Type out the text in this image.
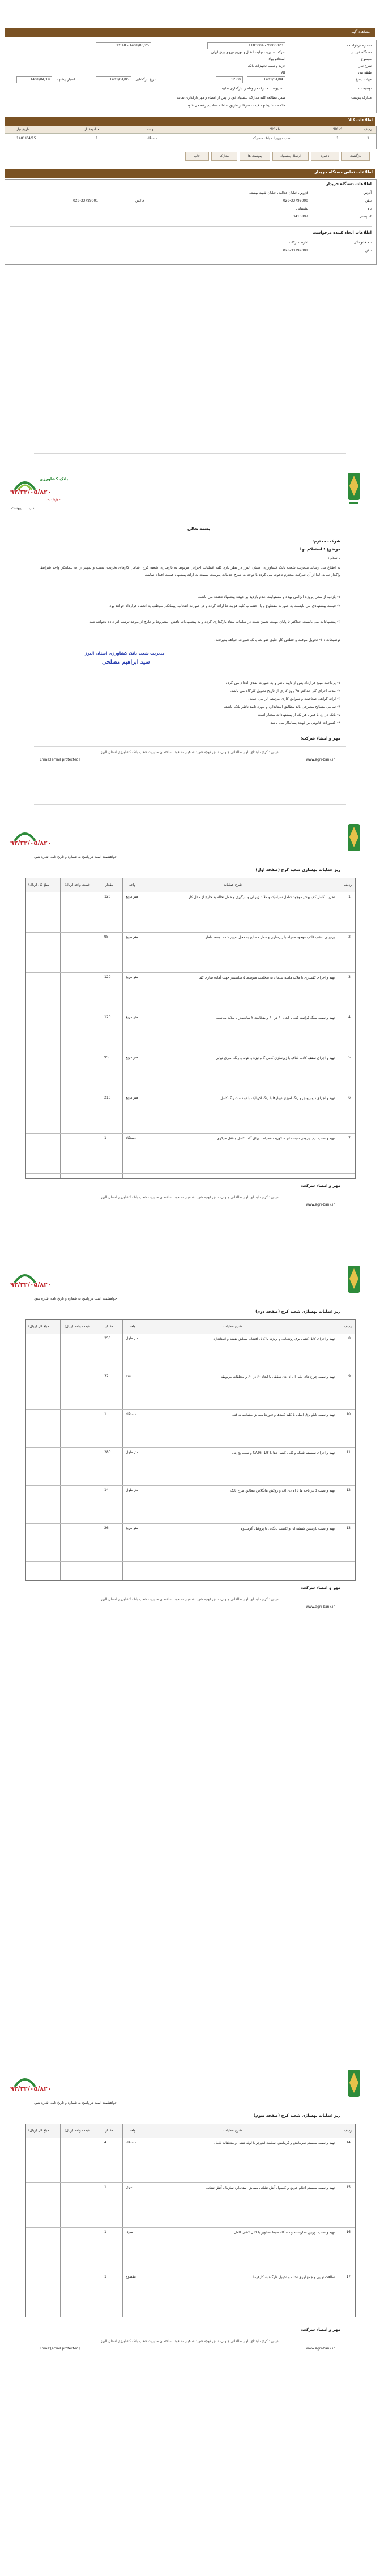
مشاهده آگهی
شماره درخواست
1103004570000023
1401/03/25 - 12:40
دستگاه خریدار
شرکت مدیریت تولید، انتقال و توزیع نیروی برق ایران
موضوع
استعلام بهاء
شرح نیاز
خرید و نصب تجهیزات بانک
طبقه بندی
کالا
مهلت پاسخ
1401/04/04
12:00
تاریخ بازگشایی
1401/04/05
اعتبار پیشنهاد
1401/04/19
توضیحات
به پیوست مدارک مربوطه را بارگذاری نمایید
مدارک پیوست
ضمن مطالعه کلیه مدارک، پیشنهاد خود را پس از امضاء و مهر بارگذاری نمایید
ملاحظات: پیشنهاد قیمت صرفا از طریق سامانه ستاد پذیرفته می شود
اطلاعات کالا
ردیف
کد کالا
نام کالا
واحد
تعداد/مقدار
تاریخ نیاز
1
1
نصب تجهیزات بانک متحرک
دستگاه
1
1401/04/15
بازگشت
ذخیره
ارسال پیشنهاد
پیوست ها
مدارک
چاپ
اطلاعات تماس دستگاه خریدار
اطلاعات دستگاه خریدار
آدرس
قزوین، خیابان عدالت، خیابان شهید بهشتی
تلفن
028-33799000
فاکس
028-33799001
نام
پشتیبانی
کد پستی
3413897
اطلاعات ایجاد کننده درخواست
نام خانوادگی
اداره تدارکات
تلفن
028-33799001
بانک کشاورزی
۹۲/۳۲/۰۵/۸۲۰
۱۴۰۱/۳/۲۴
پیوست ندارد
بسمه تعالی
شرکت محترم:
موضوع : استعلام بها
با سلام ؛
به اطلاع می رساند مدیریت شعب بانک کشاورزی استان البرز در نظر دارد کلیه عملیات اجرایی مربوط به بازسازی شعبه کرج، شامل کارهای تخریب، نصب و تجهیز را به پیمانکار واجد شرایط واگذار نماید. لذا از آن شرکت محترم دعوت می گردد با توجه به شرح خدمات پیوست نسبت به ارائه پیشنهاد قیمت اقدام نمایند.
۱- بازدید از محل پروژه الزامی بوده و مسئولیت عدم بازدید بر عهده پیشنهاد دهنده می باشد.
۲- قیمت پیشنهادی می بایست به صورت مقطوع و با احتساب کلیه هزینه ها ارائه گردد و در صورت انتخاب، پیمانکار موظف به انعقاد قرارداد خواهد بود.
۳- پیشنهادات می بایست حداکثر تا پایان مهلت تعیین شده در سامانه ستاد بارگذاری گردد و به پیشنهادات ناقص، مشروط و خارج از موعد ترتیب اثر داده نخواهد شد.
توضیحات : ۱- تحویل موقت و قطعی کار طبق ضوابط بانک صورت خواهد پذیرفت.
مدیریت شعب بانک کشاورزی استان البرز
سید ابراهیم مصلحی
۱- پرداخت مبلغ قرارداد پس از تایید ناظر و به صورت نقدی انجام می گردد.
۲- مدت اجرای کار حداکثر ۴۵ روز کاری از تاریخ تحویل کارگاه می باشد.
۳- ارائه گواهی صلاحیت و سوابق کاری مرتبط الزامی است.
۴- تمامی مصالح مصرفی باید مطابق استاندارد و مورد تایید ناظر بانک باشد.
۵- بانک در رد یا قبول هر یک از پیشنهادات مختار است.
۶- کسورات قانونی بر عهده پیمانکار می باشد.
مهر و امضاء شرکت:
آدرس : کرج - ابتدای بلوار طالقانی جنوبی، نبش کوچه شهید شاهین مسعود، ساختمان مدیریت شعب بانک کشاورزی استان البرز
www.agri-bank.ir
Email:[email protected]
۹۲/۳۲/۰۵/۸۲۰
خواهشمند است در پاسخ به شماره و تاریخ نامه اشاره شود
ریز عملیات بهسازی شعبه کرج (صفحه اول)
ردیف
شرح عملیات
واحد
مقدار
قیمت واحد (ریال)
مبلغ کل (ریال)
1
تخریب کامل کف پوش موجود شامل سرامیک و ملات زیر آن و بارگیری و حمل نخاله به خارج از محل کار
متر مربع
120
2
برچیدن سقف کاذب موجود همراه با زیرسازی و حمل مصالح به محل تعیین شده توسط ناظر
متر مربع
95
3
تهیه و اجرای کفسازی با ملات ماسه سیمان به ضخامت متوسط ۵ سانتیمتر جهت آماده سازی کف
متر مربع
120
4
تهیه و نصب سنگ گرانیت کف با ابعاد ۶۰ در ۶۰ و ضخامت ۲ سانتیمتر با ملات مناسب
متر مربع
120
5
تهیه و اجرای سقف کاذب کناف با زیرسازی کامل گالوانیزه و بتونه و رنگ آمیزی نهایی
متر مربع
95
6
تهیه و اجرای دیوارپوش و رنگ آمیزی دیوارها با رنگ اکریلیک با دو دست رنگ کامل
متر مربع
210
7
تهیه و نصب درب ورودی شیشه ای سکوریت همراه با یراق آلات کامل و قفل مرکزی
دستگاه
1
مهر و امضاء شرکت:
آدرس : کرج - ابتدای بلوار طالقانی جنوبی، نبش کوچه شهید شاهین مسعود، ساختمان مدیریت شعب بانک کشاورزی استان البرز
www.agri-bank.ir
۹۲/۳۲/۰۵/۸۲۰
خواهشمند است در پاسخ به شماره و تاریخ نامه اشاره شود
ریز عملیات بهسازی شعبه کرج (صفحه دوم)
ردیف
شرح عملیات
واحد
مقدار
قیمت واحد (ریال)
مبلغ کل (ریال)
8
تهیه و اجرای کابل کشی برق روشنایی و پریزها با کابل افشان مطابق نقشه و استاندارد
متر طول
350
9
تهیه و نصب چراغ های پنلی ال ای دی سقفی با ابعاد ۶۰ در ۶۰ و متعلقات مربوطه
عدد
32
10
تهیه و نصب تابلو برق اصلی با کلیه کلیدها و فیوزها مطابق مشخصات فنی
دستگاه
1
11
تهیه و اجرای سیستم شبکه و کابل کشی دیتا با کابل CAT6 و نصب پچ پنل
متر طول
280
12
تهیه و نصب کانتر باجه ها با ام دی اف و روکش هایگلاس مطابق طرح بانک
متر طول
14
13
تهیه و نصب پارتیشن شیشه ای و کابینت بایگانی با پروفیل آلومینیوم
متر مربع
26
مهر و امضاء شرکت:
آدرس : کرج - ابتدای بلوار طالقانی جنوبی، نبش کوچه شهید شاهین مسعود، ساختمان مدیریت شعب بانک کشاورزی استان البرز
www.agri-bank.ir
۹۲/۳۲/۰۵/۸۲۰
خواهشمند است در پاسخ به شماره و تاریخ نامه اشاره شود
ریز عملیات بهسازی شعبه کرج (صفحه سوم)
ردیف
شرح عملیات
واحد
مقدار
قیمت واحد (ریال)
مبلغ کل (ریال)
14
تهیه و نصب سیستم سرمایش و گرمایش اسپلیت اینورتر با لوله کشی و متعلقات کامل
دستگاه
4
15
تهیه و نصب سیستم اعلام حریق و کپسول آتش نشانی مطابق استاندارد سازمان آتش نشانی
سری
1
16
تهیه و نصب دوربین مداربسته و دستگاه ضبط تصاویر با کابل کشی کامل
سری
1
17
نظافت نهایی و جمع آوری نخاله و تحویل کارگاه به کارفرما
مقطوع
1
مهر و امضاء شرکت:
آدرس : کرج - ابتدای بلوار طالقانی جنوبی، نبش کوچه شهید شاهین مسعود، ساختمان مدیریت شعب بانک کشاورزی استان البرز
www.agri-bank.ir
Email:[email protected]
